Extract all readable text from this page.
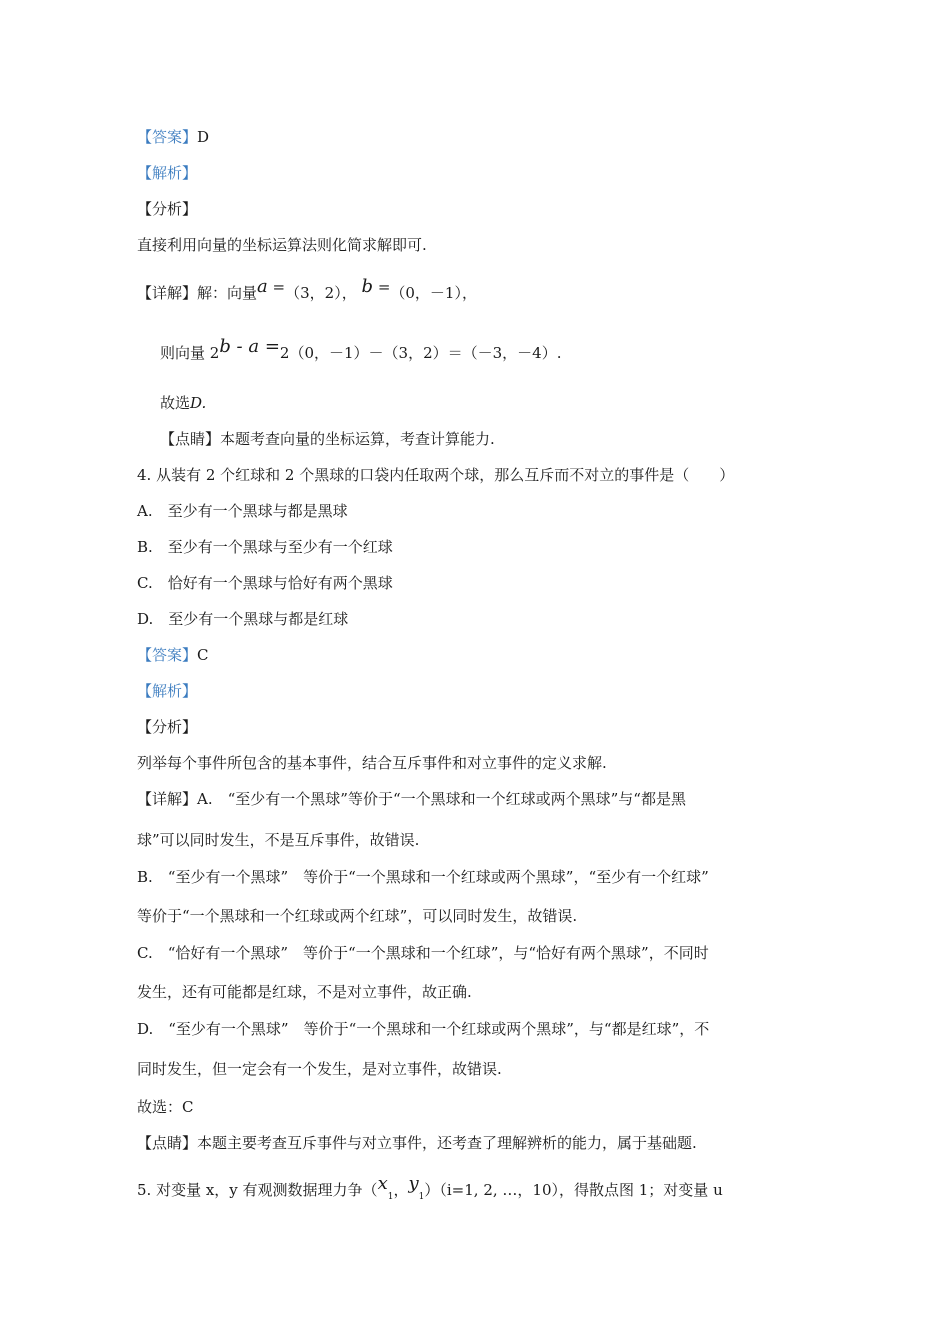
【答案】D
【解析】
【分析】
直接利用向量的坐标运算法则化简求解即可.
【详解】解：向量a =（3，2）， b =（0，－1），
则向量 2b - a =2（0，－1）－（3，2）＝（－3，－4）.
故选D.
【点睛】本题考查向量的坐标运算，考查计算能力.
4. 从装有 2 个红球和 2 个黑球的口袋内任取两个球，那么互斥而不对立的事件是（　　）
A.　至少有一个黑球与都是黑球
B.　至少有一个黑球与至少有一个红球
C.　恰好有一个黑球与恰好有两个黑球
D.　至少有一个黑球与都是红球
【答案】C
【解析】
【分析】
列举每个事件所包含的基本事件，结合互斥事件和对立事件的定义求解.
【详解】A.　“至少有一个黑球”等价于“一个黑球和一个红球或两个黑球”与“都是黑
球”可以同时发生，不是互斥事件，故错误.
B.　“至少有一个黑球”　等价于“一个黑球和一个红球或两个黑球”，“至少有一个红球”
等价于“一个黑球和一个红球或两个红球”，可以同时发生，故错误.
C.　“恰好有一个黑球”　等价于“一个黑球和一个红球”，与“恰好有两个黑球”，不同时
发生，还有可能都是红球，不是对立事件，故正确.
D.　“至少有一个黑球”　等价于“一个黑球和一个红球或两个黑球”，与“都是红球”，不
同时发生，但一定会有一个发生，是对立事件，故错误.
故选：C
【点睛】本题主要考查互斥事件与对立事件，还考查了理解辨析的能力，属于基础题.
5. 对变量 x，y 有观测数据理力争（$x_1$，$y_1)(i=1$, 2, …，10），得散点图 1；对变量 u
